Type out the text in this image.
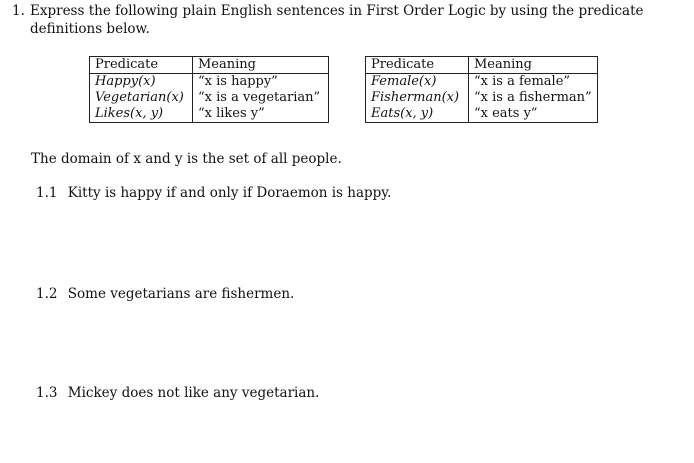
1. Express the following plain English sentences in First Order Logic by using the predicate definitions below.
Predicate	Meaning
Happy(x)	“x is happy”
Vegetarian(x)	“x is a vegetarian”
Likes(x, y)	“x likes y”
Predicate	Meaning
Female(x)	“x is a female”
Fisherman(x)	“x is a fisherman”
Eats(x, y)	“x eats y”
The domain of x and y is the set of all people.
1.1 Kitty is happy if and only if Doraemon is happy.
1.2 Some vegetarians are fishermen.
1.3 Mickey does not like any vegetarian.
